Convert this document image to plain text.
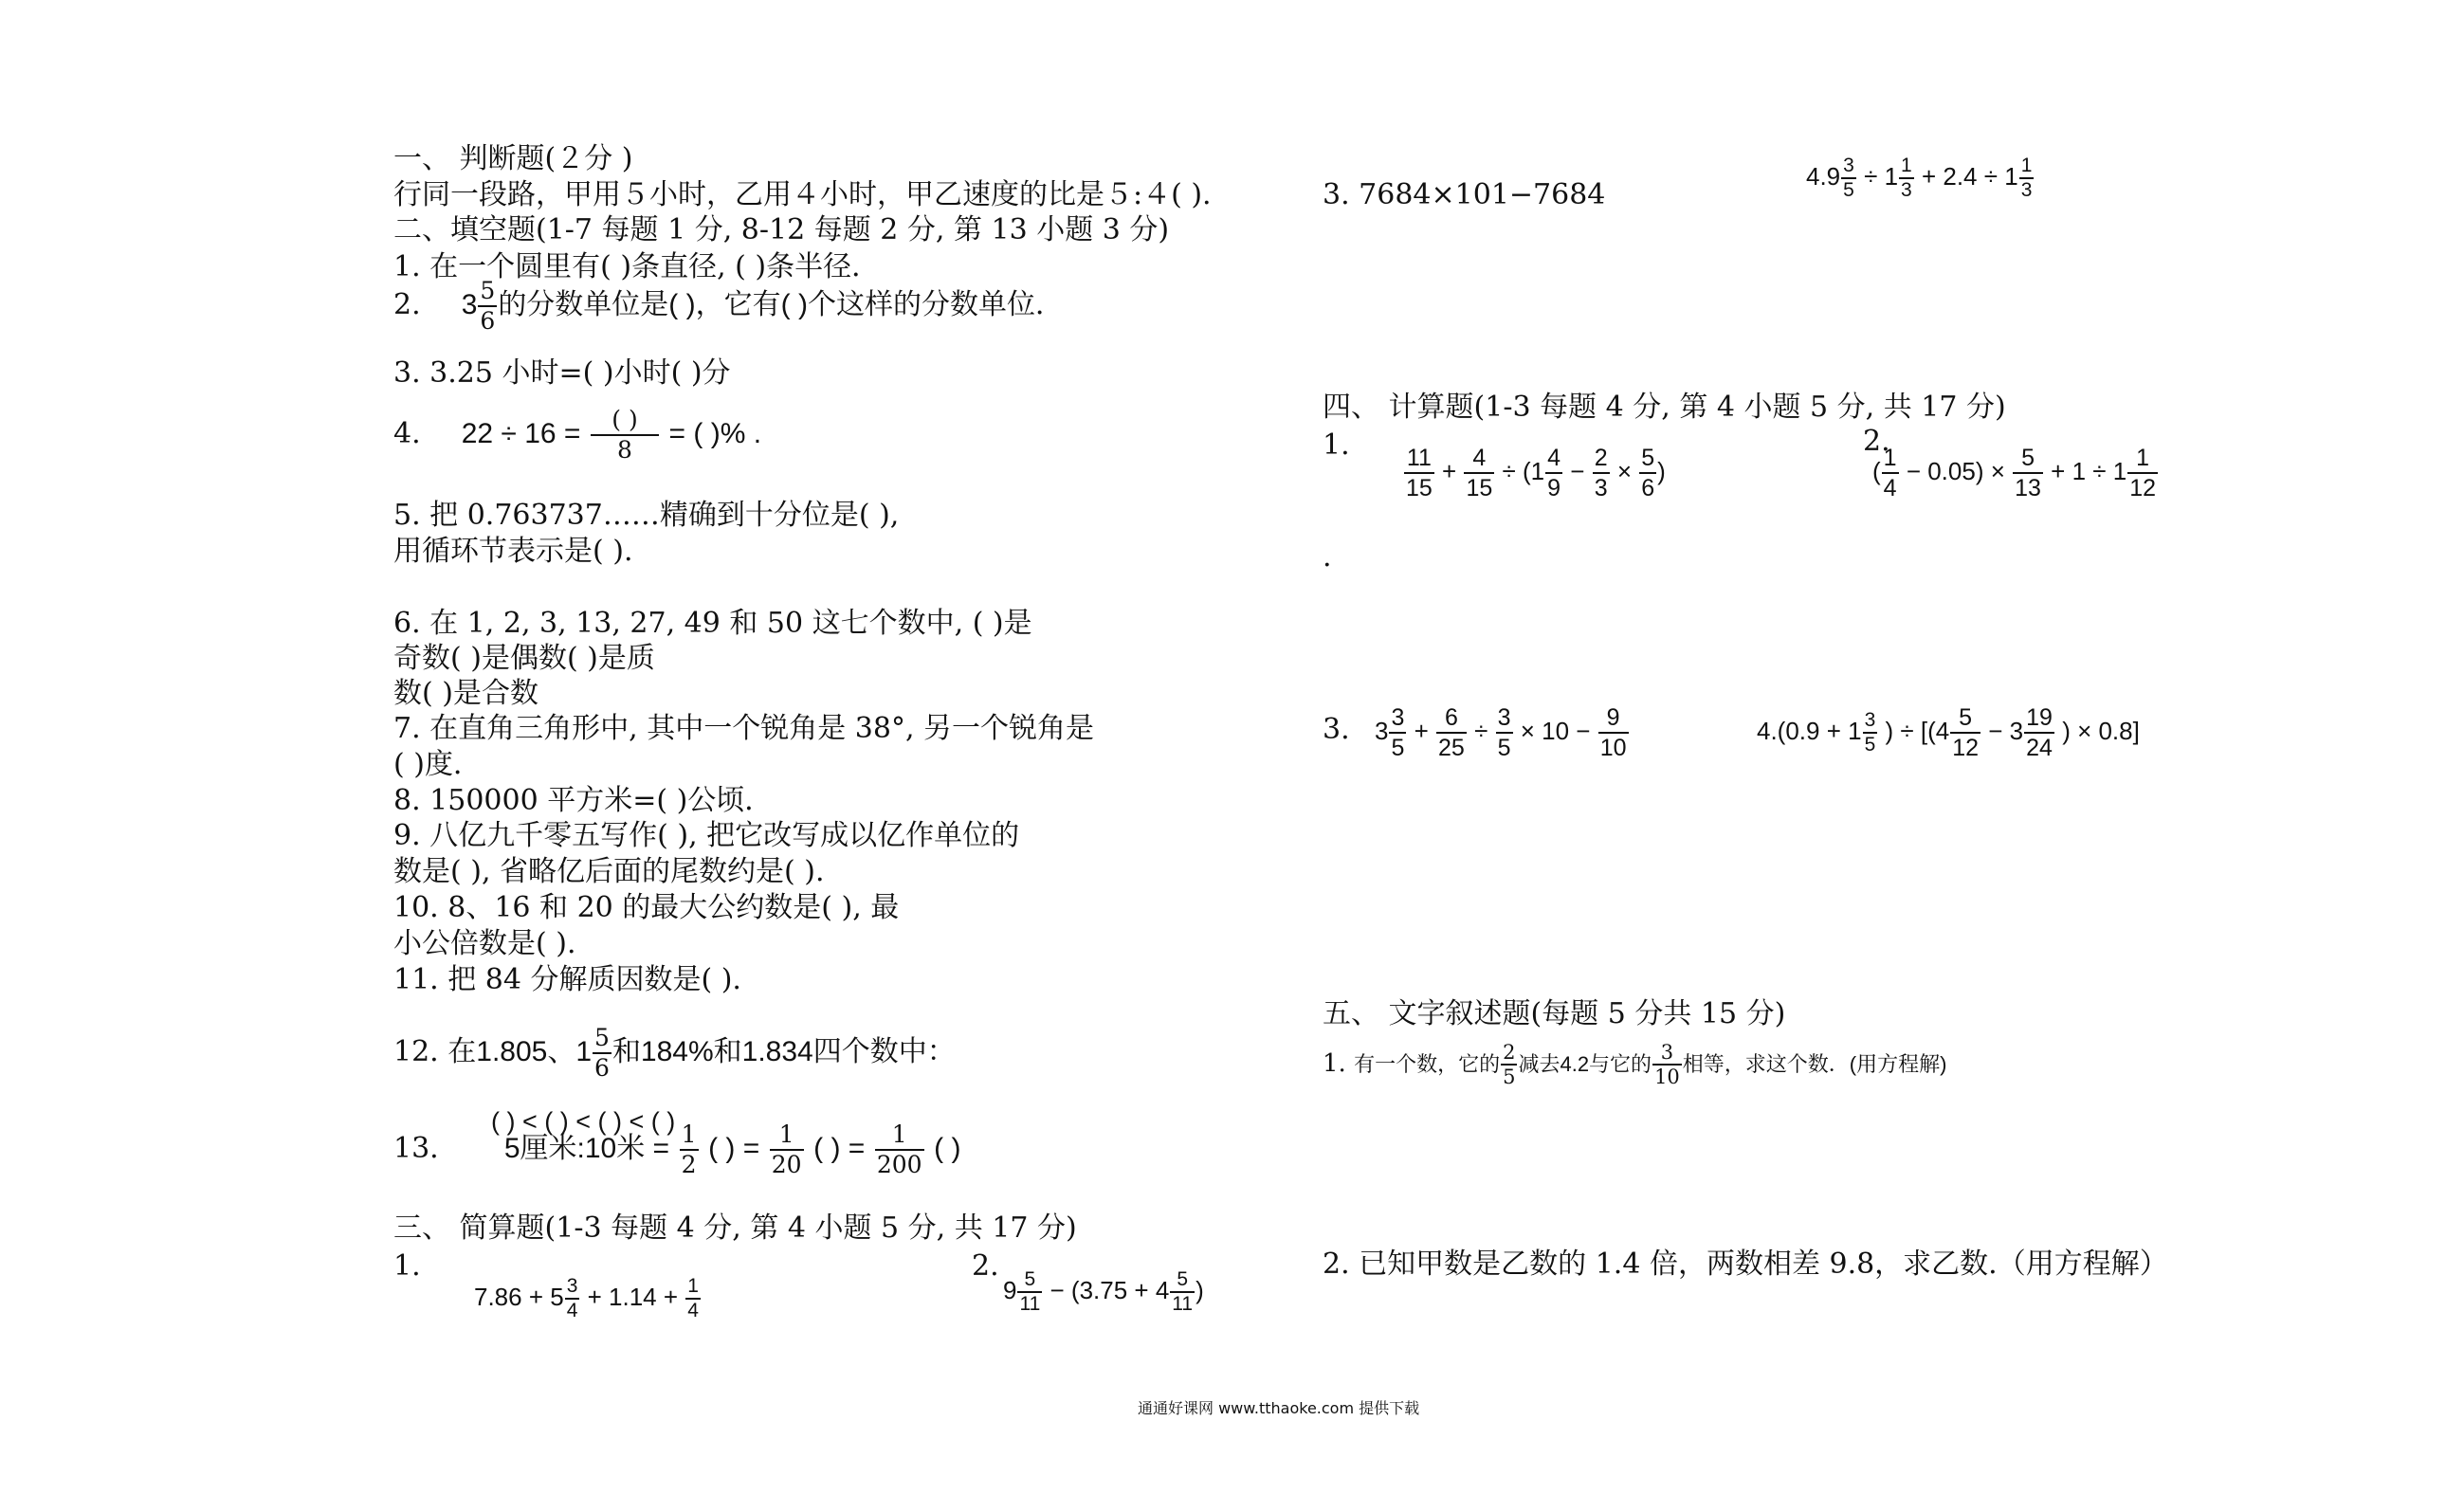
一、 判断题(２分 )
行同一段路，甲用５小时，乙用４小时，甲乙速度的比是５:４( ).
二、填空题(1-7 每题 1 分, 8-12 每题 2 分, 第 13 小题 3 分)
1. 在一个圆里有( )条直径, ( )条半径．
2. $3 \frac{5}{6}$ 的分数单位是( )，它有( )个这样的分数单位．
3. 3.25 小时=( )小时( )分
4. 22 ÷ 16 =	( )
8
= ( )% .
5. 把 0.763737……精确到十分位是( ),
用循环节表示是( ).
6. 在 1, 2, 3, 13, 27, 49 和 50 这七个数中, ( )是
奇数( )是偶数( )是质
数( )是合数
7. 在直角三角形中, 其中一个锐角是 38°, 另一个锐角是
( )度．
8. 150000 平方米=( )公顷．
9. 八亿九千零五写作( ), 把它改写成以亿作单位的
数是( ), 省略亿后面的尾数约是( ).
10. 8、16 和 20 的最大公约数是( ), 最
小公倍数是( ).
11. 把 84 分解质因数是( ).
12. 在1.805、$1 \frac{5}{6}$ 和184%和1.834四个数中：
( ) < ( ) < ( ) < ( )
13. 5厘米:10米 = $\frac{1}{2}$ ( ) = $\frac{1}{20}$ ( ) = $\frac{1}{200}$ ( )
三、 简算题(1-3 每题 4 分, 第 4 小题 5 分, 共 17 分)
1.
$7.86 + 5 \frac{3}{4} + 1.14 + \frac{1}{4}$
2.
$9 \frac{5}{11} - (3.75 + 4 \frac{5}{11}$ )
3. 7684×101−7684
$4.9 \frac{3}{5} \div 1 \frac{1}{3} + 2.4 \div 1 \frac{1}{3}$
四、 计算题(1-3 每题 4 分, 第 4 小题 5 分, 共 17 分)
1. $\frac{11}{15} + \frac{4}{15} \div (1 \frac{4}{9} - \frac{2}{3} \times \frac{5}{6}$ )
.
2.
( $\frac{1}{4} - 0.05) \times \frac{5}{13} + 1 \div 1 \frac{1}{12}$
3. $3 \frac{3}{5} + \frac{6}{25} \div \frac{3}{5} \times 10 - \frac{9}{10}$	$4.(0.9 + 1 \frac{3}{5}$ ) ÷ [($4 \frac{5}{12} - 3 \frac{19}{24}$ ) × 0.8]
五、 文字叙述题(每题 5 分共 15 分)
1. 有一个数，它的 $\frac{2}{5}$ 减去4.2与它的 $\frac{3}{10}$ 相等，求这个数．(用方程解)
2. 已知甲数是乙数的 1.4 倍，两数相差 9.8，求乙数.（用方程解）
通通好课网 www.tthaoke.com 提供下载
